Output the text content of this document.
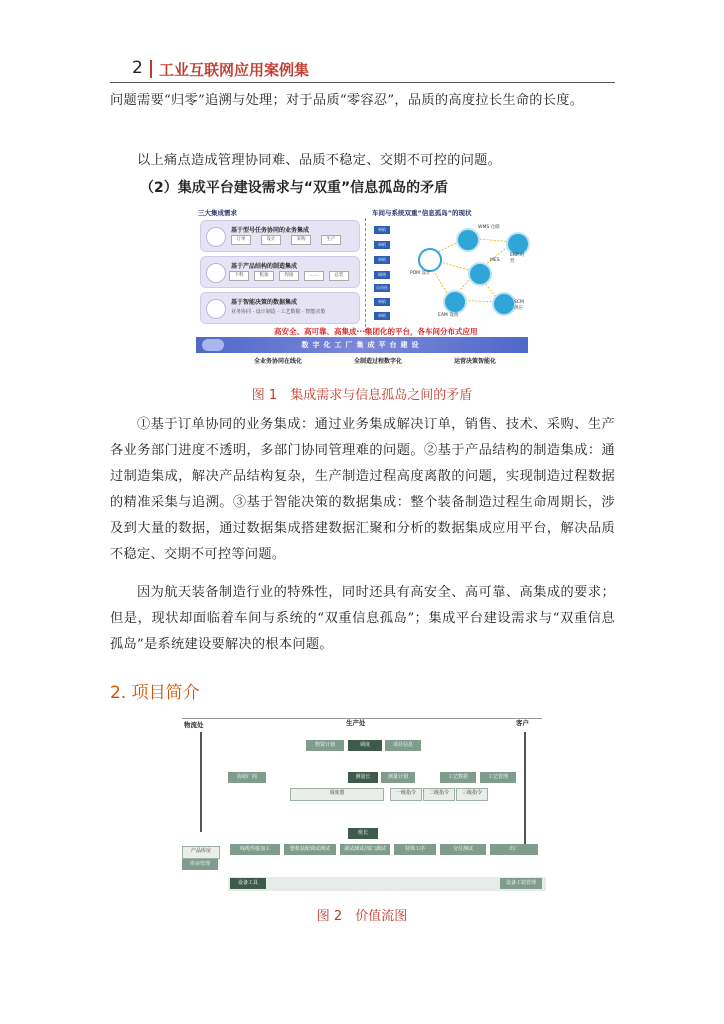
2 工业互联网应用案例集
问题需要“归零”追溯与处理；对于品质“零容忍”，品质的高度拉长生命的长度。
以上痛点造成管理协同难、品质不稳定、交期不可控的问题。
（2）集成平台建设需求与“双重”信息孤岛的矛盾
三大集成需求	车间与系统双重“信息孤岛”的现状
基于型号任务协同的业务集成
订单	设计	采购	生产
基于产品结构的制造集成
下料	机加	焊接	……	总装
基于智能决策的数据集成
业务协同 · 设计制造 · 工艺数据 · 智能决策
单机
单机
单机
网络
自动化
单机
单机
WMS 仓储
ERP 经营
PDM 设计
MES
EAM 设备
SCM 供应
高安全、高可靠、高集成···集团化的平台，各车间分布式应用
数字化工厂集成平台建设
全业务协同在线化	全制造过程数字化	运营决策智能化
图 1　集成需求与信息孤岛之间的矛盾
①基于订单协同的业务集成：通过业务集成解决订单，销售、技术、采购、生产各业务部门进度不透明，多部门协同管理难的问题。②基于产品结构的制造集成：通过制造集成，解决产品结构复杂，生产制造过程高度离散的问题，实现制造过程数据的精准采集与追溯。③基于智能决策的数据集成：整个装备制造过程生命周期长，涉及到大量的数据，通过数据集成搭建数据汇聚和分析的数据集成应用平台，解决品质不稳定、交期不可控等问题。
因为航天装备制造行业的特殊性，同时还具有高安全、高可靠、高集成的要求；但是，现状却面临着车间与系统的“双重信息孤岛”；集成平台建设需求与“双重信息孤岛”是系统建设要解决的根本问题。
2. 项目简介
物流处	生产处	客户
物资计划	调度	项目信息
协助厂商	测量长	测量计划	工艺数据	工艺管理
调度器	一级指令	二级指令	三级指令
班长
线缆焊接加工	整机装配调试测试	调试测试/部门测试	特殊工序	交付测试	出厂
产品库房
库房管理
设备工具	设备工装管理
图 2　价值流图
